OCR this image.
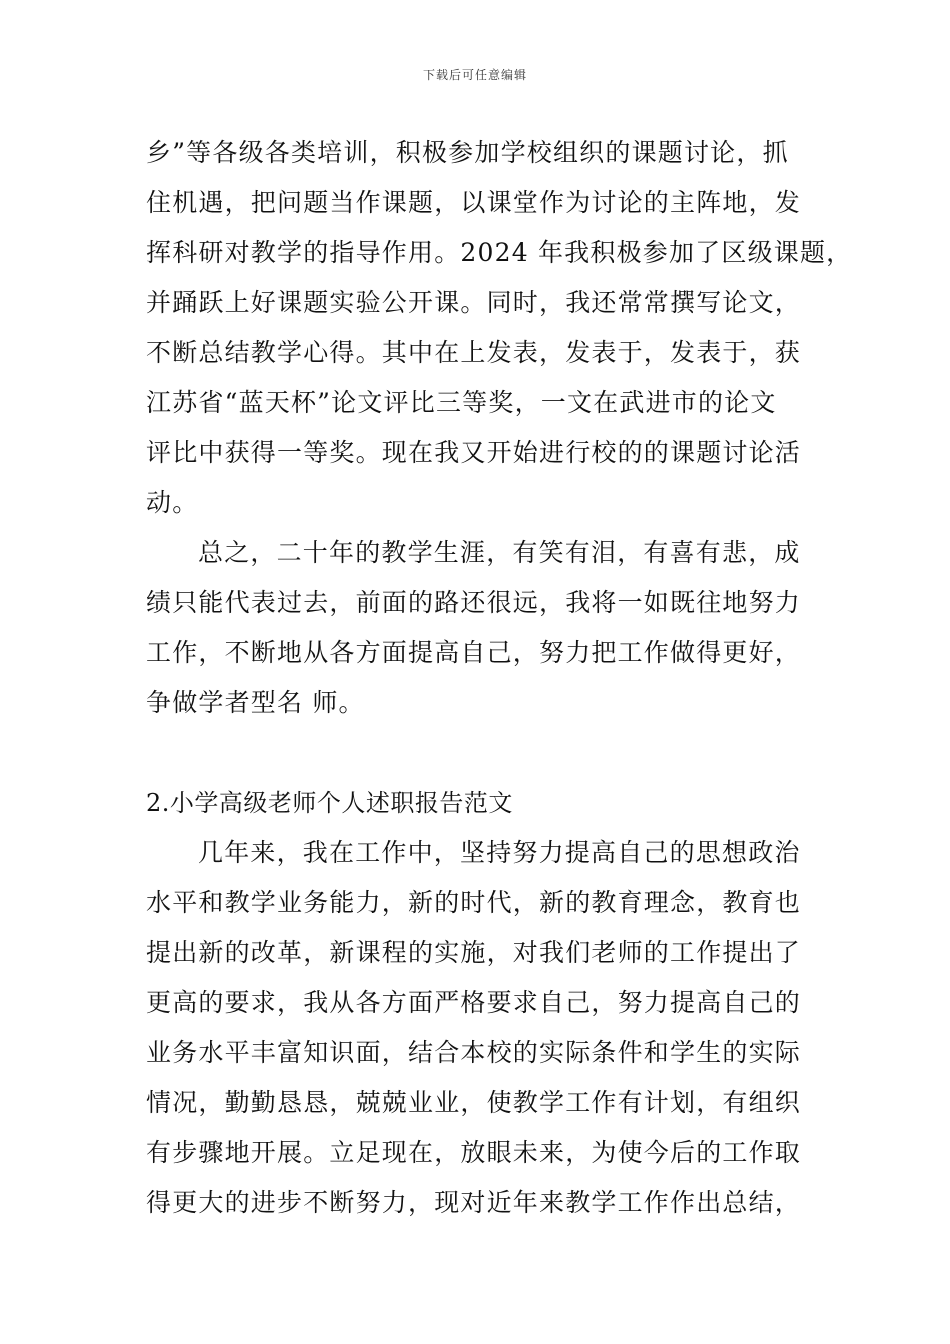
下载后可任意编辑
乡”等各级各类培训，积极参加学校组织的课题讨论，抓
住机遇，把问题当作课题，以课堂作为讨论的主阵地，发
挥科研对教学的指导作用。2024 年我积极参加了区级课题，
并踊跃上好课题实验公开课。同时，我还常常撰写论文，
不断总结教学心得。其中在上发表，发表于，发表于，获
江苏省“蓝天杯”论文评比三等奖，一文在武进市的论文
评比中获得一等奖。现在我又开始进行校的的课题讨论活
动。
总之，二十年的教学生涯，有笑有泪，有喜有悲，成
绩只能代表过去，前面的路还很远，我将一如既往地努力
工作，不断地从各方面提高自己，努力把工作做得更好，
争做学者型名 师。
2.小学高级老师个人述职报告范文
几年来，我在工作中，坚持努力提高自己的思想政治
水平和教学业务能力，新的时代，新的教育理念，教育也
提出新的改革，新课程的实施，对我们老师的工作提出了
更高的要求，我从各方面严格要求自己，努力提高自己的
业务水平丰富知识面，结合本校的实际条件和学生的实际
情况，勤勤恳恳，兢兢业业，使教学工作有计划，有组织
有步骤地开展。立足现在，放眼未来，为使今后的工作取
得更大的进步不断努力，现对近年来教学工作作出总结，
